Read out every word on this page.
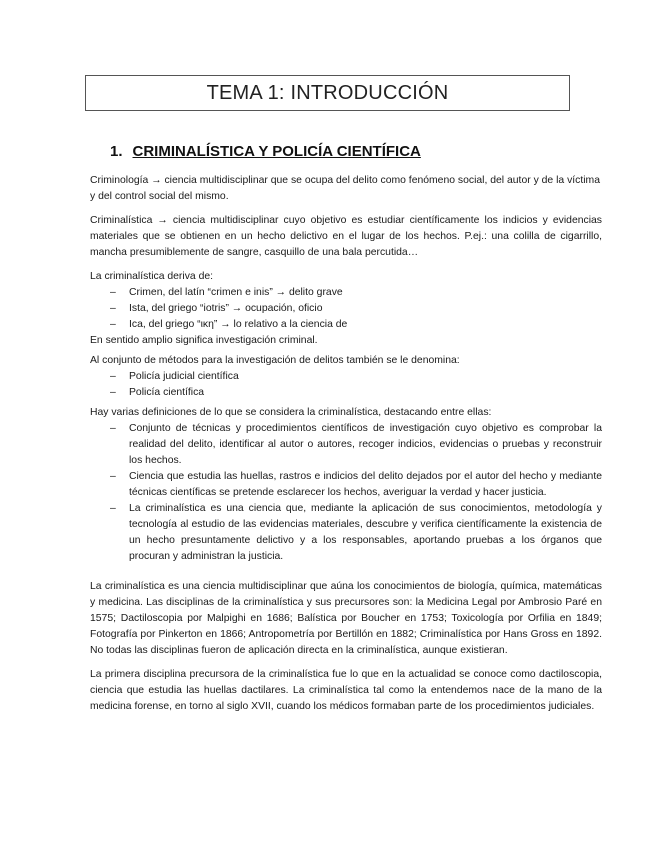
TEMA 1: INTRODUCCIÓN
1. CRIMINALÍSTICA Y POLICÍA CIENTÍFICA

Criminología → ciencia multidisciplinar que se ocupa del delito como fenómeno social, del autor y de la víctima y del control social del mismo.

Criminalística → ciencia multidisciplinar cuyo objetivo es estudiar científicamente los indicios y evidencias materiales que se obtienen en un hecho delictivo en el lugar de los hechos. P.ej.: una colilla de cigarrillo, mancha presumiblemente de sangre, casquillo de una bala percutida…

La criminalística deriva de:
– Crimen, del latín “crimen e inis” → delito grave
– Ista, del griego “iotris” → ocupación, oficio
– Ica, del griego “ικη” → lo relativo a la ciencia de
En sentido amplio significa investigación criminal.
Al conjunto de métodos para la investigación de delitos también se le denomina:
– Policía judicial científica
– Policía científica
Hay varias definiciones de lo que se considera la criminalística, destacando entre ellas:
– Conjunto de técnicas y procedimientos científicos de investigación cuyo objetivo es comprobar la realidad del delito, identificar al autor o autores, recoger indicios, evidencias o pruebas y reconstruir los hechos.
– Ciencia que estudia las huellas, rastros e indicios del delito dejados por el autor del hecho y mediante técnicas científicas se pretende esclarecer los hechos, averiguar la verdad y hacer justicia.
– La criminalística es una ciencia que, mediante la aplicación de sus conocimientos, metodología y tecnología al estudio de las evidencias materiales, descubre y verifica científicamente la existencia de un hecho presuntamente delictivo y a los responsables, aportando pruebas a los órganos que procuran y administran la justicia.

La criminalística es una ciencia multidisciplinar que aúna los conocimientos de biología, química, matemáticas y medicina. Las disciplinas de la criminalística y sus precursores son: la Medicina Legal por Ambrosio Paré en 1575; Dactiloscopia por Malpighi en 1686; Balística por Boucher en 1753; Toxicología por Orfilia en 1849; Fotografía por Pinkerton en 1866; Antropometría por Bertillón en 1882; Criminalística por Hans Gross en 1892. No todas las disciplinas fueron de aplicación directa en la criminalística, aunque existieran.

La primera disciplina precursora de la criminalística fue lo que en la actualidad se conoce como dactiloscopia, ciencia que estudia las huellas dactilares. La criminalística tal como la entendemos nace de la mano de la medicina forense, en torno al siglo XVII, cuando los médicos formaban parte de los procedimientos judiciales.
